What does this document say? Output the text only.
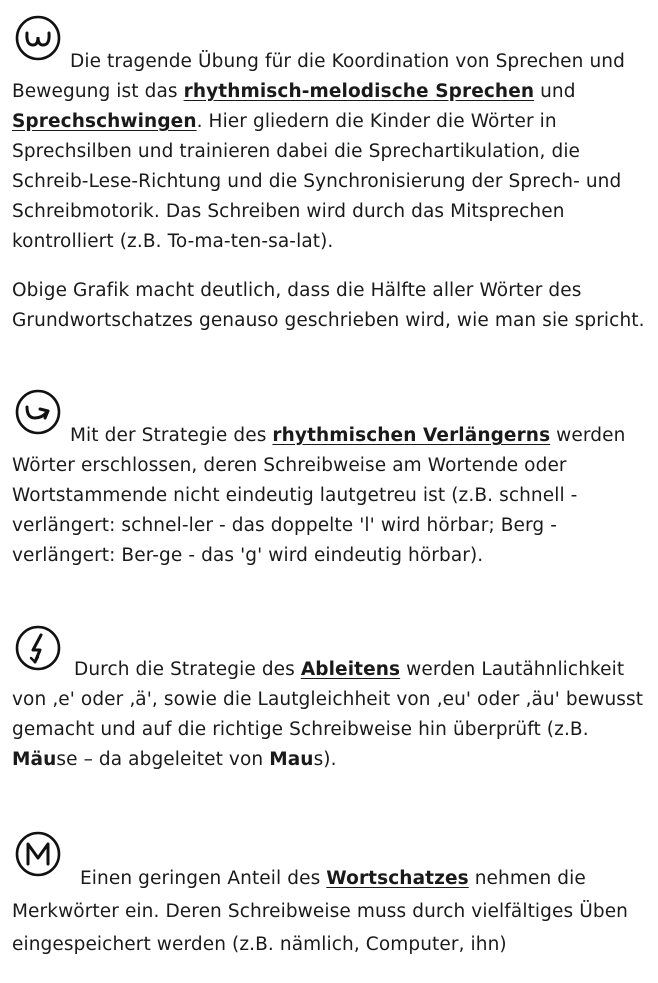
Die tragende Übung für die Koordination von Sprechen und Bewegung ist das rhythmisch-melodische Sprechen und Sprechschwingen. Hier gliedern die Kinder die Wörter in Sprechsilben und trainieren dabei die Sprechartikulation, die Schreib-Lese-Richtung und die Synchronisierung der Sprech- und Schreibmotorik. Das Schreiben wird durch das Mitsprechen kontrolliert (z.B. To-ma-ten-sa-lat).

Obige Grafik macht deutlich, dass die Hälfte aller Wörter des Grundwortschatzes genauso geschrieben wird, wie man sie spricht.

Mit der Strategie des rhythmischen Verlängerns werden Wörter erschlossen, deren Schreibweise am Wortende oder Wortstammende nicht eindeutig lautgetreu ist (z.B. schnell - verlängert: schnel-ler - das doppelte 'l' wird hörbar; Berg - verlängert: Ber-ge - das 'g' wird eindeutig hörbar).

Durch die Strategie des Ableitens werden Lautähnlichkeit von ‚e' oder ‚ä', sowie die Lautgleichheit von ‚eu' oder ‚äu' bewusst gemacht und auf die richtige Schreibweise hin überprüft (z.B. Mäuse – da abgeleitet von Maus).

Einen geringen Anteil des Wortschatzes nehmen die Merkwörter ein. Deren Schreibweise muss durch vielfältiges Üben eingespeichert werden (z.B. nämlich, Computer, ihn)
